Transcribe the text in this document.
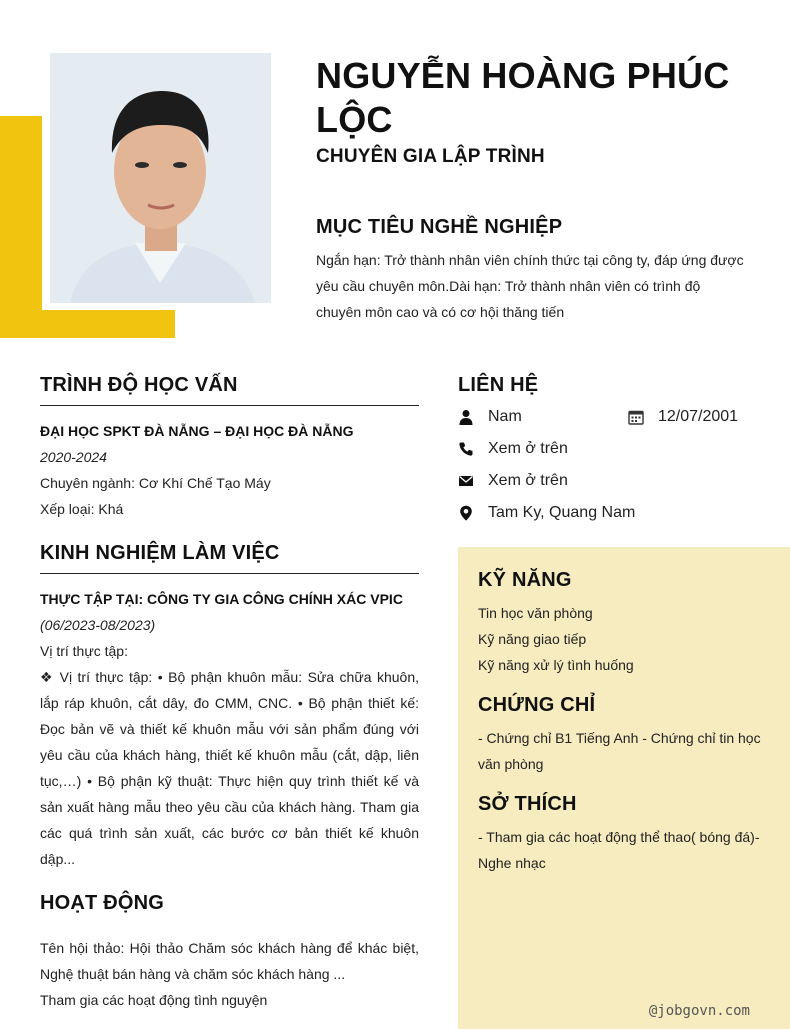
NGUYỄN HOÀNG PHÚC LỘC
CHUYÊN GIA LẬP TRÌNH
MỤC TIÊU NGHỀ NGHIỆP

Ngắn hạn: Trở thành nhân viên chính thức tại công ty, đáp ứng được yêu cầu chuyên môn.Dài hạn: Trở thành nhân viên có trình độ chuyên môn cao và có cơ hội thăng tiến

TRÌNH ĐỘ HỌC VẤN
ĐẠI HỌC SPKT ĐÀ NẴNG – ĐẠI HỌC ĐÀ NẴNG
2020-2024
Chuyên ngành: Cơ Khí Chế Tạo Máy
Xếp loại: Khá
KINH NGHIỆM LÀM VIỆC
THỰC TẬP TẠI: CÔNG TY GIA CÔNG CHÍNH XÁC VPIC
(06/2023-08/2023)
Vị trí thực tập:
❖ Vị trí thực tập: • Bộ phận khuôn mẫu: Sửa chữa khuôn, lắp ráp khuôn, cắt dây, đo CMM, CNC. • Bộ phận thiết kế: Đọc bản vẽ và thiết kế khuôn mẫu với sản phẩm đúng với yêu cầu của khách hàng, thiết kế khuôn mẫu (cắt, dập, liên tục,…) • Bộ phận kỹ thuật: Thực hiện quy trình thiết kế và sản xuất hàng mẫu theo yêu cầu của khách hàng. Tham gia các quá trình sản xuất, các bước cơ bản thiết kế khuôn dập...
HOẠT ĐỘNG
Tên hội thảo: Hội thảo Chăm sóc khách hàng để khác biệt, Nghệ thuật bán hàng và chăm sóc khách hàng ...
Tham gia các hoạt động tình nguyện
LIÊN HỆ
Nam	12/07/2001
Xem ở trên
Xem ở trên
Tam Ky, Quang Nam
KỸ NĂNG
Tin học văn phòng
Kỹ năng giao tiếp
Kỹ năng xử lý tình huống
CHỨNG CHỈ
- Chứng chỉ B1 Tiếng Anh - Chứng chỉ tin học văn phòng
SỞ THÍCH
- Tham gia các hoạt động thể thao( bóng đá)- Nghe nhạc
@jobgovn.com
